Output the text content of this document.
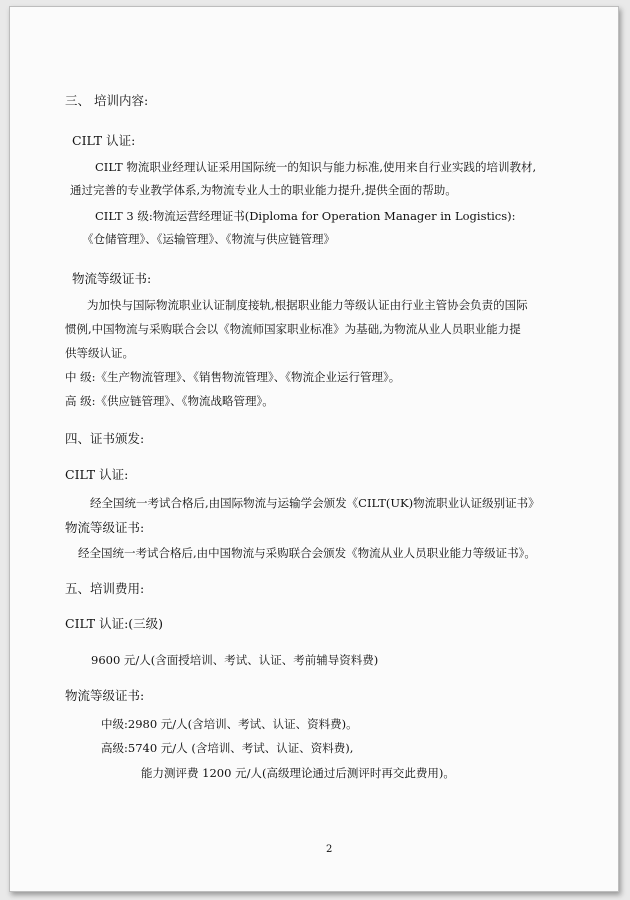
三、 培训内容:
CILT 认证:
CILT 物流职业经理认证采用国际统一的知识与能力标准,使用来自行业实践的培训教材,
通过完善的专业教学体系,为物流专业人士的职业能力提升,提供全面的帮助。
CILT 3 级:物流运营经理证书(Diploma for Operation Manager in Logistics):
《仓储管理》、《运输管理》、《物流与供应链管理》
物流等级证书:
为加快与国际物流职业认证制度接轨,根据职业能力等级认证由行业主管协会负责的国际
惯例,中国物流与采购联合会以《物流师国家职业标准》为基础,为物流从业人员职业能力提
供等级认证。
中 级:《生产物流管理》、《销售物流管理》、《物流企业运行管理》。
高 级:《供应链管理》、《物流战略管理》。
四、证书颁发:
CILT 认证:
经全国统一考试合格后,由国际物流与运输学会颁发《CILT(UK)物流职业认证级别证书》
物流等级证书:
经全国统一考试合格后,由中国物流与采购联合会颁发《物流从业人员职业能力等级证书》。
五、培训费用:
CILT 认证:(三级)
9600 元/人(含面授培训、考试、认证、考前辅导资料费)
物流等级证书:
中级:2980 元/人(含培训、考试、认证、资料费)。
高级:5740 元/人 (含培训、考试、认证、资料费),
能力测评费 1200 元/人(高级理论通过后测评时再交此费用)。
2
